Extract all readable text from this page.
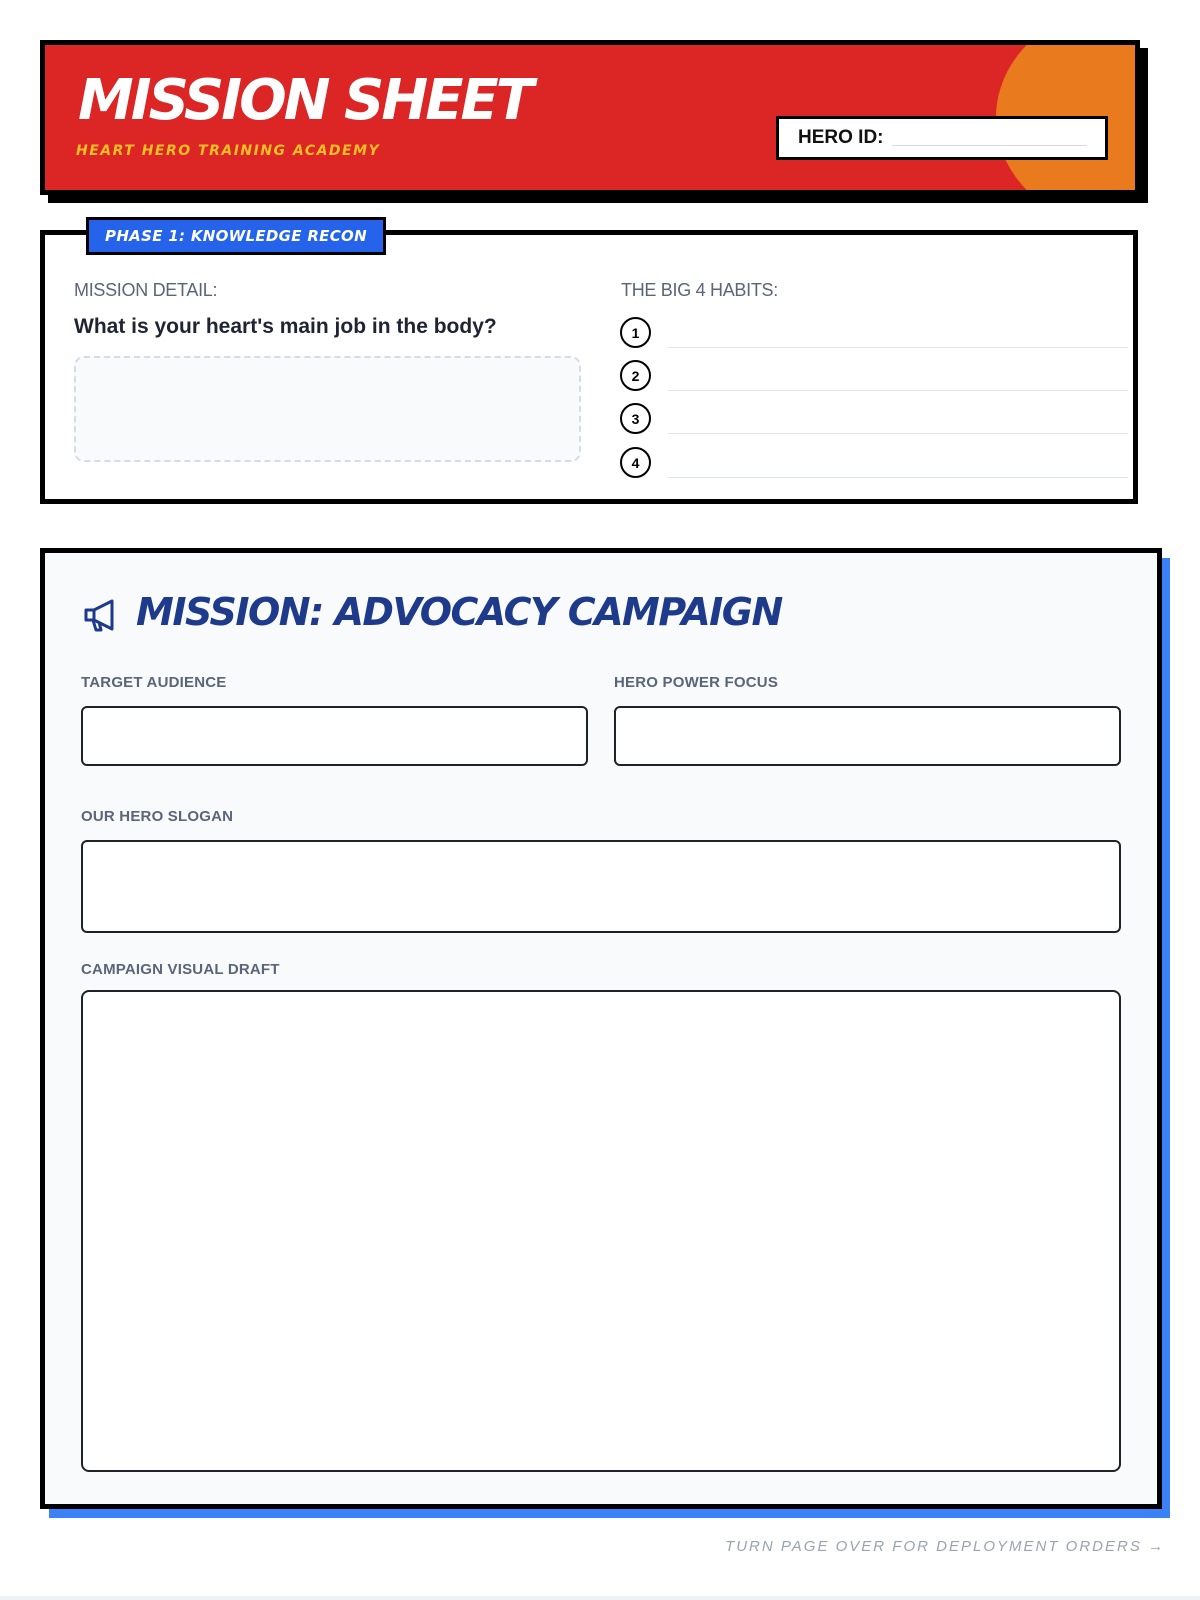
MISSION SHEET
HEART HERO TRAINING ACADEMY
HERO ID:
PHASE 1: KNOWLEDGE RECON
MISSION DETAIL:
What is your heart's main job in the body?
THE BIG 4 HABITS:
1
2
3
4
MISSION: ADVOCACY CAMPAIGN
TARGET AUDIENCE	HERO POWER FOCUS
OUR HERO SLOGAN
CAMPAIGN VISUAL DRAFT
TURN PAGE OVER FOR DEPLOYMENT ORDERS →
